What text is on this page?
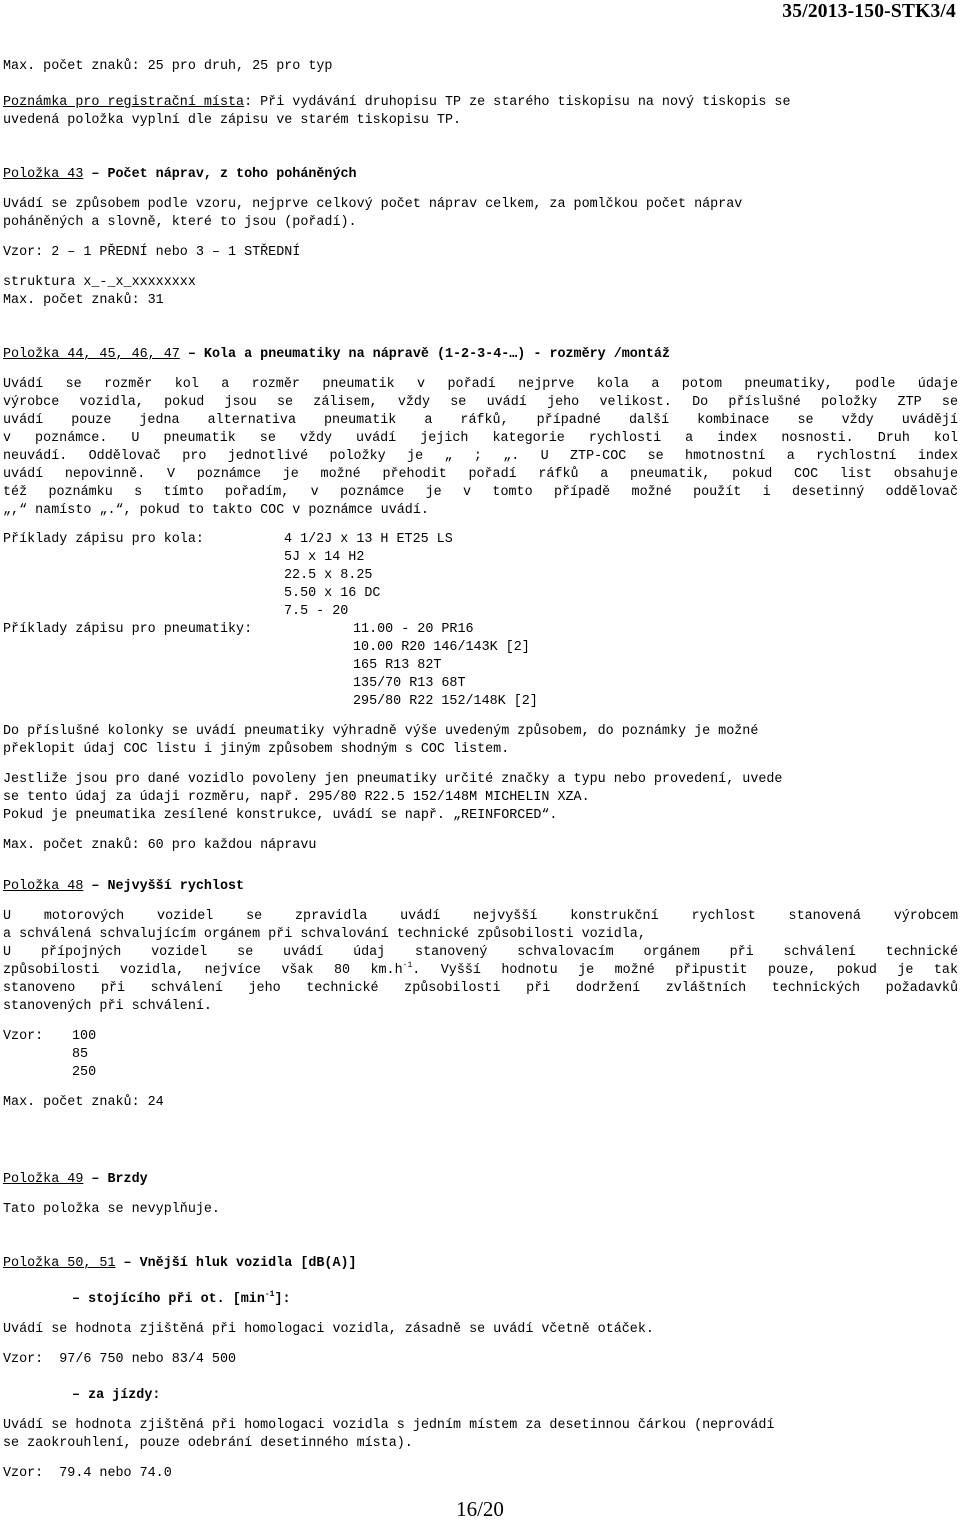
35/2013-150-STK3/4
Max. počet znaků: 25 pro druh, 25 pro typ
Poznámka pro registrační místa: Při vydávání druhopisu TP ze starého tiskopisu na nový tiskopis se
uvedená položka vyplní dle zápisu ve starém tiskopisu TP.
Položka 43 – Počet náprav, z toho poháněných
Uvádí se způsobem podle vzoru, nejprve celkový počet náprav celkem, za pomlčkou počet náprav
poháněných a slovně, které to jsou (pořadí).
Vzor: 2 – 1 PŘEDNÍ nebo 3 – 1 STŘEDNÍ
struktura x_-_x_xxxxxxxx
Max. počet znaků: 31
Položka 44, 45, 46, 47 – Kola a pneumatiky na nápravě (1-2-3-4-…) - rozměry /montáž
Uvádí se rozměr kol a rozměr pneumatik v pořadí nejprve kola a potom pneumatiky, podle údaje
výrobce vozidla, pokud jsou se zálisem, vždy se uvádí jeho velikost. Do příslušné položky ZTP se
uvádí pouze jedna alternativa pneumatik a ráfků, případné další kombinace se vždy uvádějí
v poznámce. U pneumatik se vždy uvádí jejich kategorie rychlosti a index nosnosti. Druh kol
neuvádí. Oddělovač pro jednotlivé položky je „ ; „. U ZTP-COC se hmotnostní a rychlostní index
uvádí nepovinně. V poznámce je možné přehodit pořadí ráfků a pneumatik, pokud COC list obsahuje
též poznámku s tímto pořadím, v poznámce je v tomto případě možné použít i desetinný oddělovač
„,“ namísto „.“, pokud to takto COC v poznámce uvádí.
Příklady zápisu pro kola:	4 1/2J x 13 H ET25 LS
5J x 14 H2
22.5 x 8.25
5.50 x 16 DC
7.5 - 20
Příklady zápisu pro pneumatiky:	11.00 - 20 PR16
10.00 R20 146/143K [2]
165 R13 82T
135/70 R13 68T
295/80 R22 152/148K [2]
Do příslušné kolonky se uvádí pneumatiky výhradně výše uvedeným způsobem, do poznámky je možné
překlopit údaj COC listu i jiným způsobem shodným s COC listem.
Jestliže jsou pro dané vozidlo povoleny jen pneumatiky určité značky a typu nebo provedení, uvede
se tento údaj za údaji rozměru, např. 295/80 R22.5 152/148M MICHELIN XZA.
Pokud je pneumatika zesílené konstrukce, uvádí se např. „REINFORCED“.
Max. počet znaků: 60 pro každou nápravu
Položka 48 – Nejvyšší rychlost
U motorových vozidel se zpravidla uvádí nejvyšší konstrukční rychlost stanovená výrobcem
a schválená schvalujícím orgánem při schvalování technické způsobilosti vozidla,
U přípojných vozidel se uvádí údaj stanovený schvalovacím orgánem při schválení technické
způsobilosti vozidla, nejvíce však 80 $km.h^{-1}$. Vyšší hodnotu je možné připustit pouze, pokud je tak
stanoveno při schválení jeho technické způsobilosti při dodržení zvláštních technických požadavků
stanovených při schválení.
Vzor:	100
85
250
Max. počet znaků: 24
Položka 49 – Brzdy
Tato položka se nevyplňuje.
Položka 50, 51 – Vnější hluk vozidla [dB(A)]
– stojícího při ot. $[\min^{-1}]$:
Uvádí se hodnota zjištěná při homologaci vozidla, zásadně se uvádí včetně otáček.
Vzor:  97/6 750 nebo 83/4 500
– za jízdy:
Uvádí se hodnota zjištěná při homologaci vozidla s jedním místem za desetinnou čárkou (neprovádí
se zaokrouhlení, pouze odebrání desetinného místa).
Vzor:  79.4 nebo 74.0
16/20
